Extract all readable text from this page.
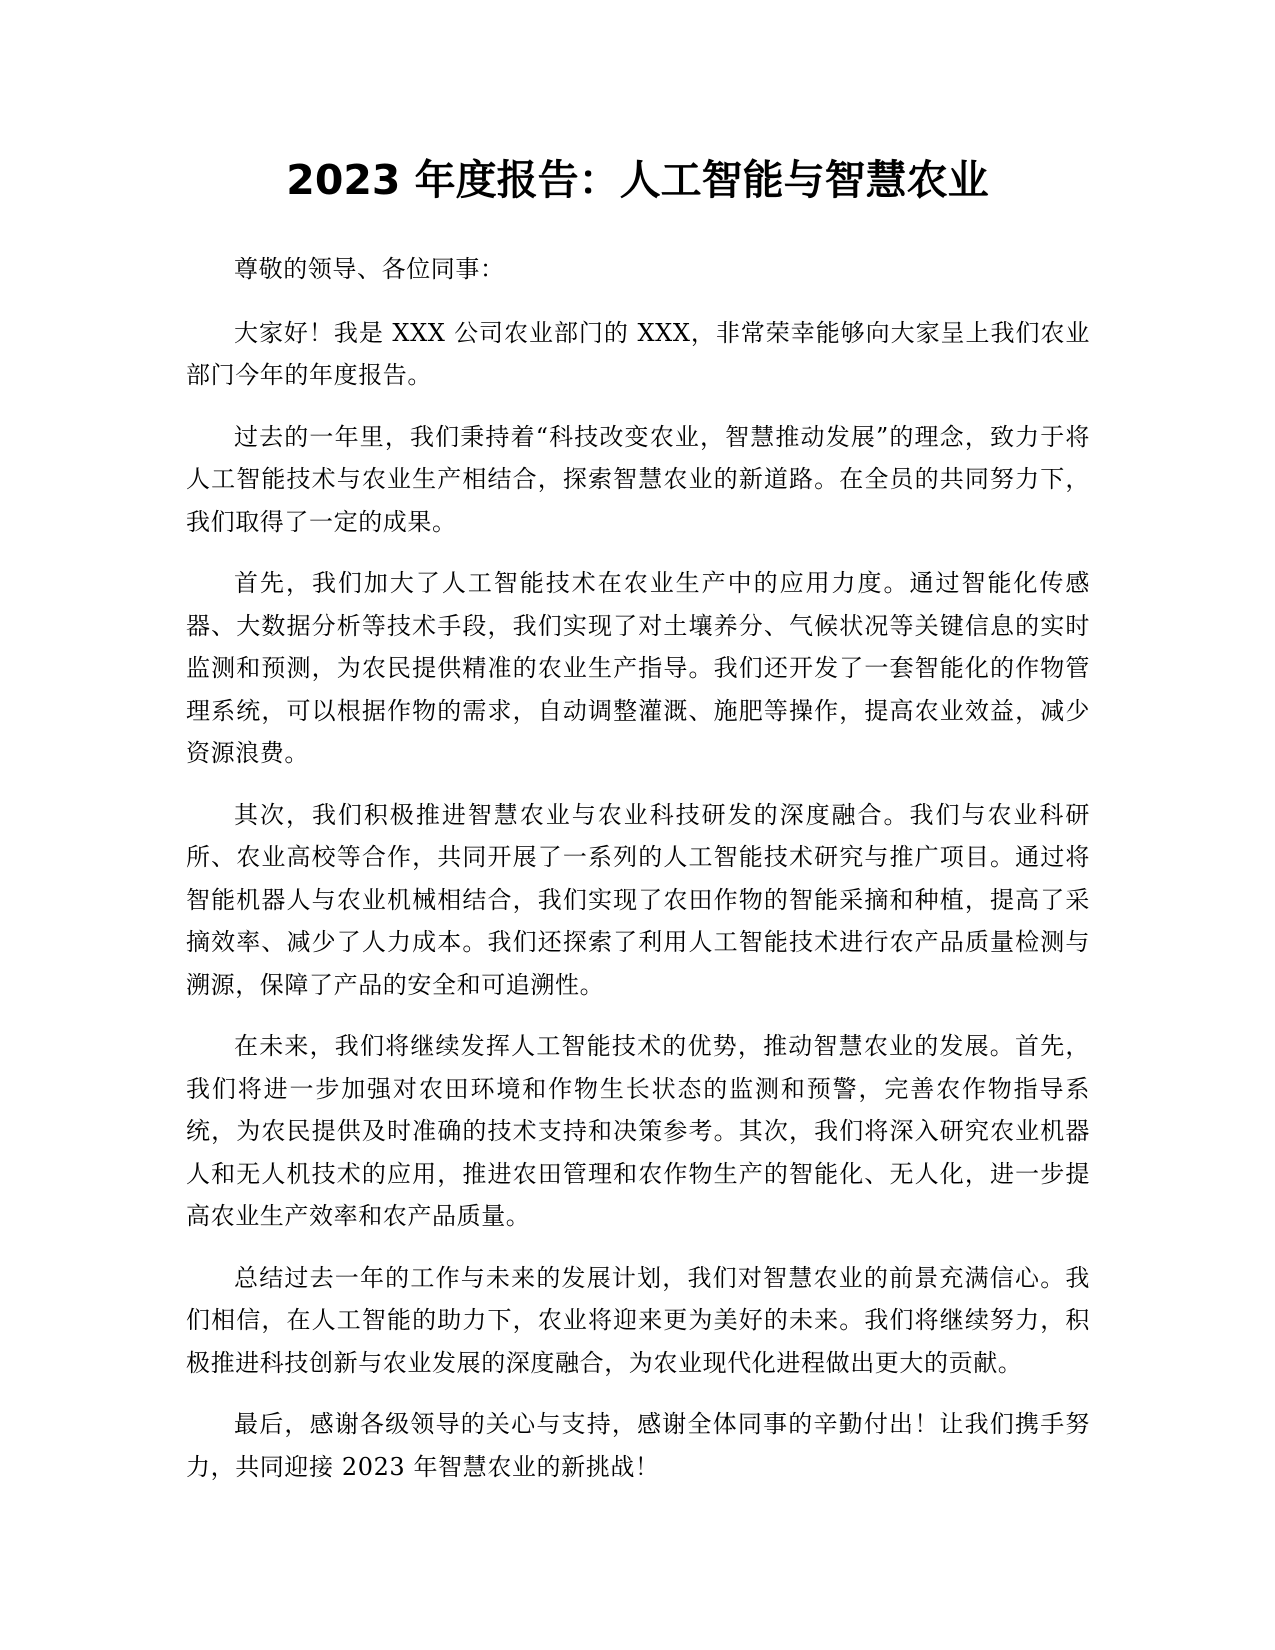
2023 年度报告：人工智能与智慧农业

尊敬的领导、各位同事：

大家好！我是 XXX 公司农业部门的 XXX，非常荣幸能够向大家呈上我们农业部门今年的年度报告。

过去的一年里，我们秉持着“科技改变农业，智慧推动发展”的理念，致力于将人工智能技术与农业生产相结合，探索智慧农业的新道路。在全员的共同努力下，我们取得了一定的成果。

首先，我们加大了人工智能技术在农业生产中的应用力度。通过智能化传感器、大数据分析等技术手段，我们实现了对土壤养分、气候状况等关键信息的实时监测和预测，为农民提供精准的农业生产指导。我们还开发了一套智能化的作物管理系统，可以根据作物的需求，自动调整灌溉、施肥等操作，提高农业效益，减少资源浪费。

其次，我们积极推进智慧农业与农业科技研发的深度融合。我们与农业科研所、农业高校等合作，共同开展了一系列的人工智能技术研究与推广项目。通过将智能机器人与农业机械相结合，我们实现了农田作物的智能采摘和种植，提高了采摘效率、减少了人力成本。我们还探索了利用人工智能技术进行农产品质量检测与溯源，保障了产品的安全和可追溯性。

在未来，我们将继续发挥人工智能技术的优势，推动智慧农业的发展。首先，我们将进一步加强对农田环境和作物生长状态的监测和预警，完善农作物指导系统，为农民提供及时准确的技术支持和决策参考。其次，我们将深入研究农业机器人和无人机技术的应用，推进农田管理和农作物生产的智能化、无人化，进一步提高农业生产效率和农产品质量。

总结过去一年的工作与未来的发展计划，我们对智慧农业的前景充满信心。我们相信，在人工智能的助力下，农业将迎来更为美好的未来。我们将继续努力，积极推进科技创新与农业发展的深度融合，为农业现代化进程做出更大的贡献。

最后，感谢各级领导的关心与支持，感谢全体同事的辛勤付出！让我们携手努力，共同迎接 2023 年智慧农业的新挑战！
